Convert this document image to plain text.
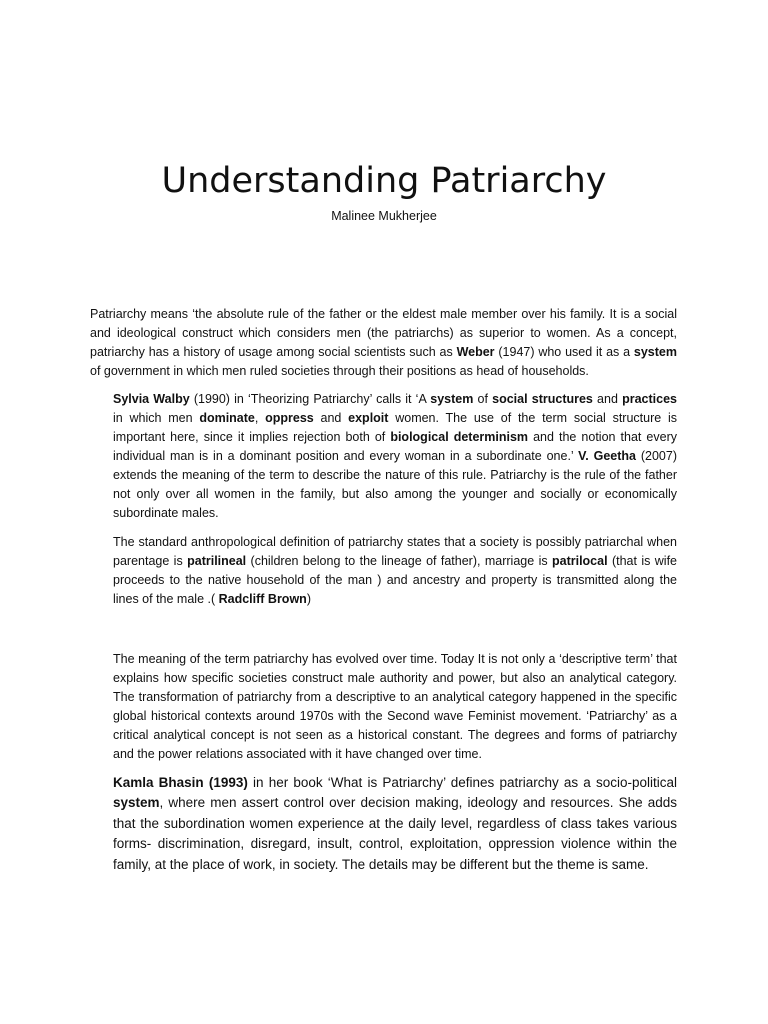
Understanding Patriarchy
Malinee Mukherjee

Patriarchy means ‘the absolute rule of the father or the eldest male member over his family. It is a social and ideological construct which considers men (the patriarchs) as superior to women. As a concept, patriarchy has a history of usage among social scientists such as Weber (1947) who used it as a system of government in which men ruled societies through their positions as head of households.

Sylvia Walby (1990) in ‘Theorizing Patriarchy’ calls it ‘A system of social structures and practices in which men dominate, oppress and exploit women. The use of the term social structure is important here, since it implies rejection both of biological determinism and the notion that every individual man is in a dominant position and every woman in a subordinate one.’ V. Geetha (2007) extends the meaning of the term to describe the nature of this rule. Patriarchy is the rule of the father not only over all women in the family, but also among the younger and socially or economically subordinate males.

The standard anthropological definition of patriarchy states that a society is possibly patriarchal when parentage is patrilineal (children belong to the lineage of father), marriage is patrilocal (that is wife proceeds to the native household of the man ) and ancestry and property is transmitted along the lines of the male .( Radcliff Brown)

The meaning of the term patriarchy has evolved over time. Today It is not only a ‘descriptive term’ that explains how specific societies construct male authority and power, but also an analytical category. The transformation of patriarchy from a descriptive to an analytical category happened in the specific global historical contexts around 1970s with the Second wave Feminist movement. ‘Patriarchy’ as a critical analytical concept is not seen as a historical constant. The degrees and forms of patriarchy and the power relations associated with it have changed over time.

Kamla Bhasin (1993) in her book ‘What is Patriarchy’ defines patriarchy as a socio-political system, where men assert control over decision making, ideology and resources. She adds that the subordination women experience at the daily level, regardless of class takes various forms- discrimination, disregard, insult, control, exploitation, oppression violence within the family, at the place of work, in society. The details may be different but the theme is same.
